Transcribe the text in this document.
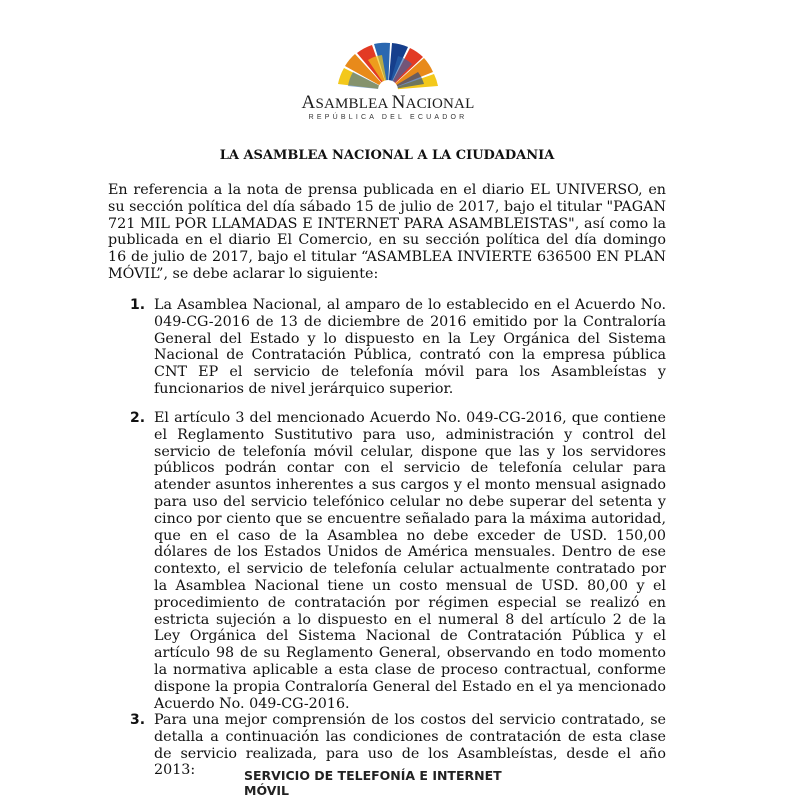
ASAMBLEA NACIONAL
REPÚBLICA DEL ECUADOR
LA ASAMBLEA NACIONAL A LA CIUDADANIA
En referencia a la nota de prensa publicada en el diario EL UNIVERSO, en su sección política del día sábado 15 de julio de 2017, bajo el titular "PAGAN 721 MIL POR LLAMADAS E INTERNET PARA ASAMBLEISTAS", así como la publicada en el diario El Comercio, en su sección política del día domingo 16 de julio de 2017, bajo el titular “ASAMBLEA INVIERTE 636500 EN PLAN MÓVIL”, se debe aclarar lo siguiente:
1. La Asamblea Nacional, al amparo de lo establecido en el Acuerdo No. 049-CG-2016 de 13 de diciembre de 2016 emitido por la Contraloría General del Estado y lo dispuesto en la Ley Orgánica del Sistema Nacional de Contratación Pública, contrató con la empresa pública CNT EP el servicio de telefonía móvil para los Asambleístas y funcionarios de nivel jerárquico superior.
2. El artículo 3 del mencionado Acuerdo No. 049-CG-2016, que contiene el Reglamento Sustitutivo para uso, administración y control del servicio de telefonía móvil celular, dispone que las y los servidores públicos podrán contar con el servicio de telefonía celular para atender asuntos inherentes a sus cargos y el monto mensual asignado para uso del servicio telefónico celular no debe superar del setenta y cinco por ciento que se encuentre señalado para la máxima autoridad, que en el caso de la Asamblea no debe exceder de USD. 150,00 dólares de los Estados Unidos de América mensuales. Dentro de ese contexto, el servicio de telefonía celular actualmente contratado por la Asamblea Nacional tiene un costo mensual de USD. 80,00 y el procedimiento de contratación por régimen especial se realizó en estricta sujeción a lo dispuesto en el numeral 8 del artículo 2 de la Ley Orgánica del Sistema Nacional de Contratación Pública y el artículo 98 de su Reglamento General, observando en todo momento la normativa aplicable a esta clase de proceso contractual, conforme dispone la propia Contraloría General del Estado en el ya mencionado Acuerdo No. 049-CG-2016.
3. Para una mejor comprensión de los costos del servicio contratado, se detalla a continuación las condiciones de contratación de esta clase de servicio realizada, para uso de los Asambleístas, desde el año 2013:	SERVICIO DE TELEFONÍA E INTERNET MÓVIL
